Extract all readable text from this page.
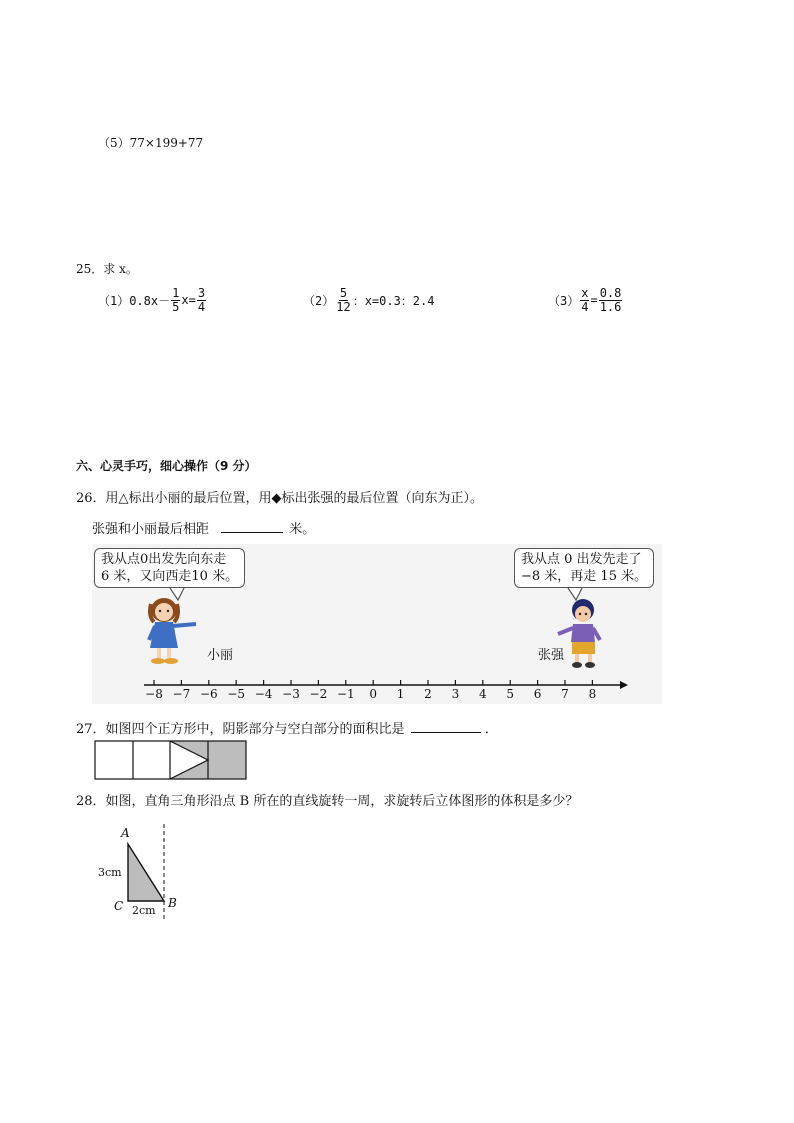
（5）77×199+77
25．求 x。
$(1)0.8x- \frac{1}{5} x= \frac{3}{4}$	$(2) \frac{5}{12}$ ：x=0.3：2.4	$(3) \frac{x}{4} = \frac{0.8}{1.6}$
六、心灵手巧，细心操作（9 分）
26．用△标出小丽的最后位置，用◆标出张强的最后位置（向东为正）。
张强和小丽最后相距	米。
我从点0出发先向东走
6 米，又向西走10 米。
我从点 0 出发先走了
−8 米，再走 15 米。
小丽	张强
−8 −7 −6 −5 −4 −3 −2 −1	0	1	2	3	4	5	6	7	8
27．如图四个正方形中，阴影部分与空白部分的面积比是	．
28．如图，直角三角形沿点 B 所在的直线旋转一周，求旋转后立体图形的体积是多少？
A
3cm
C 2cm
B
